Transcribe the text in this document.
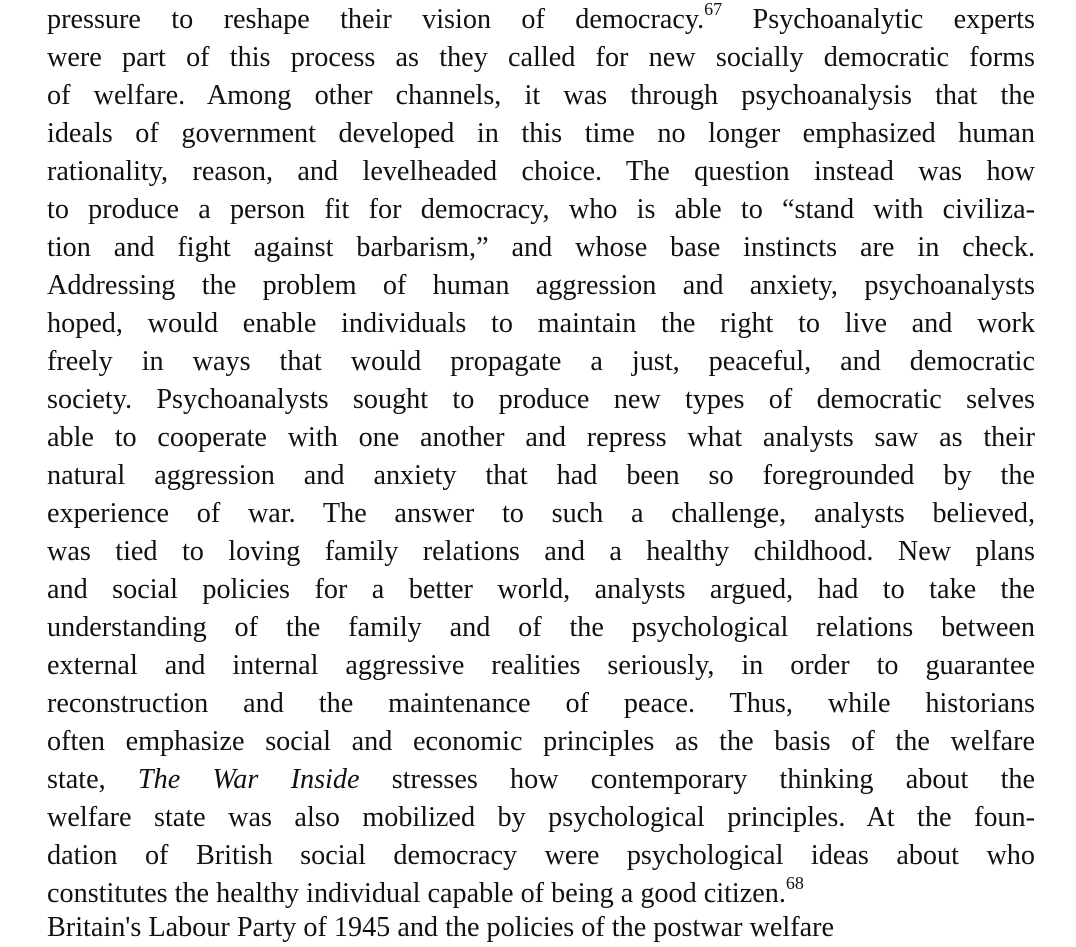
pressure to reshape their vision of democracy.$^{67}$ Psychoanalytic experts
were part of this process as they called for new socially democratic forms
of welfare. Among other channels, it was through psychoanalysis that the
ideals of government developed in this time no longer emphasized human
rationality, reason, and levelheaded choice. The question instead was how
to produce a person fit for democracy, who is able to “stand with civiliza-
tion and fight against barbarism,” and whose base instincts are in check.
Addressing the problem of human aggression and anxiety, psychoanalysts
hoped, would enable individuals to maintain the right to live and work
freely in ways that would propagate a just, peaceful, and democratic
society. Psychoanalysts sought to produce new types of democratic selves
able to cooperate with one another and repress what analysts saw as their
natural aggression and anxiety that had been so foregrounded by the
experience of war. The answer to such a challenge, analysts believed,
was tied to loving family relations and a healthy childhood. New plans
and social policies for a better world, analysts argued, had to take the
understanding of the family and of the psychological relations between
external and internal aggressive realities seriously, in order to guarantee
reconstruction and the maintenance of peace. Thus, while historians
often emphasize social and economic principles as the basis of the welfare
state, The War Inside stresses how contemporary thinking about the
welfare state was also mobilized by psychological principles. At the foun-
dation of British social democracy were psychological ideas about who
constitutes the healthy individual capable of being a good citizen.$^{68}$
Britain's Labour Party of 1945 and the policies of the postwar welfare
